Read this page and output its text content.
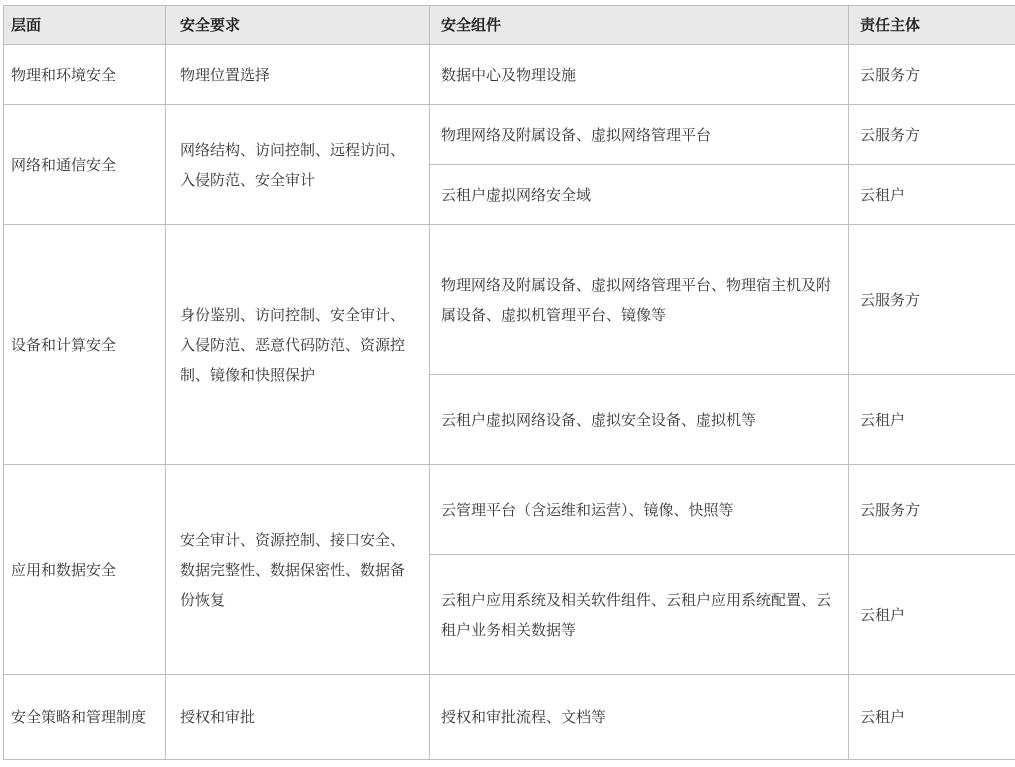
层面	安全要求	安全组件	责任主体
物理和环境安全	物理位置选择	数据中心及物理设施	云服务方
网络和通信安全	网络结构、访问控制、远程访问、入侵防范、安全审计	物理网络及附属设备、虚拟网络管理平台	云服务方
		云租户虚拟网络安全域	云租户
设备和计算安全	身份鉴别、访问控制、安全审计、入侵防范、恶意代码防范、资源控制、镜像和快照保护	物理网络及附属设备、虚拟网络管理平台、物理宿主机及附属设备、虚拟机管理平台、镜像等	云服务方
		云租户虚拟网络设备、虚拟安全设备、虚拟机等	云租户
应用和数据安全	安全审计、资源控制、接口安全、数据完整性、数据保密性、数据备份恢复	云管理平台（含运维和运营）、镜像、快照等	云服务方
		云租户应用系统及相关软件组件、云租户应用系统配置、云租户业务相关数据等	云租户
安全策略和管理制度	授权和审批	授权和审批流程、文档等	云租户
